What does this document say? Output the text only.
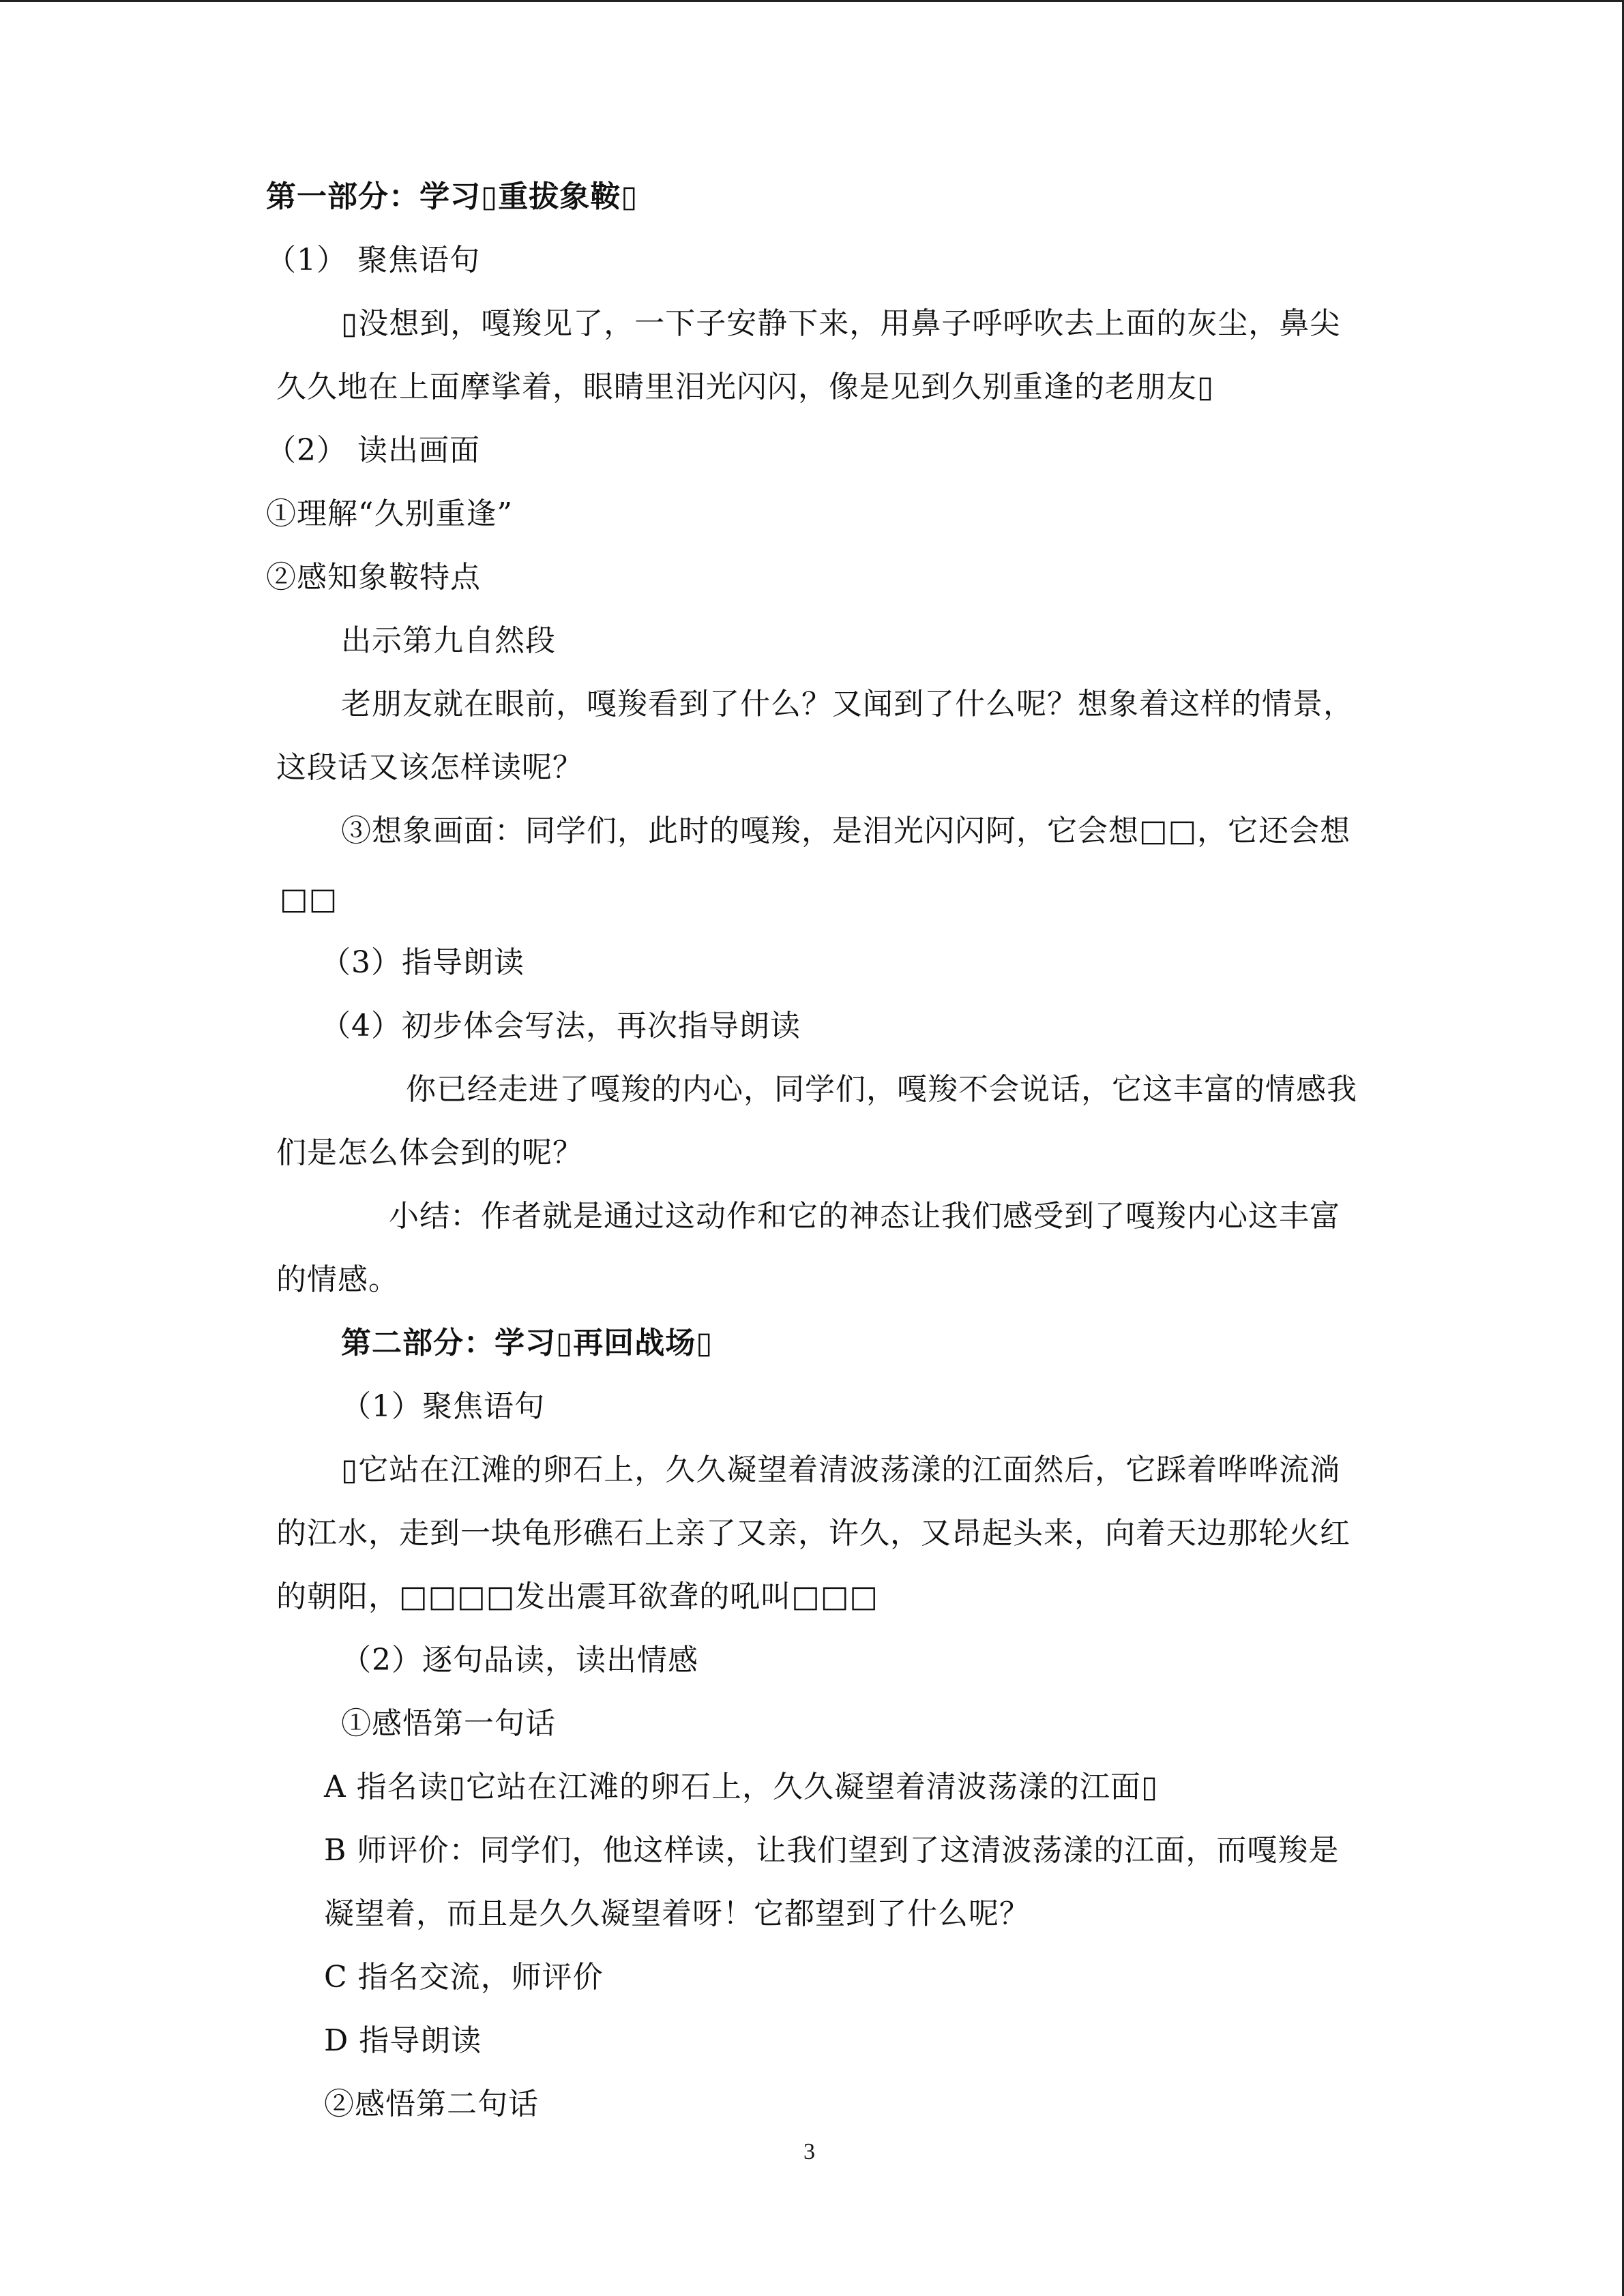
第一部分：学习▯重拔象鞍▯
（1） 聚焦语句
▯没想到，嘎羧见了，一下子安静下来，用鼻子呼呼吹去上面的灰尘，鼻尖
久久地在上面摩挲着，眼睛里泪光闪闪，像是见到久别重逢的老朋友▯
（2） 读出画面
①理解“久别重逢”
②感知象鞍特点
出示第九自然段
老朋友就在眼前，嘎羧看到了什么？又闻到了什么呢？想象着这样的情景，
这段话又该怎样读呢？
③想象画面：同学们，此时的嘎羧，是泪光闪闪阿，它会想□□，它还会想
□□
（3）指导朗读
（4）初步体会写法，再次指导朗读
你已经走进了嘎羧的内心，同学们，嘎羧不会说话，它这丰富的情感我
们是怎么体会到的呢？
小结：作者就是通过这动作和它的神态让我们感受到了嘎羧内心这丰富
的情感。
第二部分：学习▯再回战场▯
（1）聚焦语句
▯它站在江滩的卵石上，久久凝望着清波荡漾的江面然后，它踩着哗哗流淌
的江水，走到一块龟形礁石上亲了又亲，许久，又昂起头来，向着天边那轮火红
的朝阳，□□□□发出震耳欲聋的吼叫□□□
（2）逐句品读，读出情感
①感悟第一句话
A 指名读▯它站在江滩的卵石上，久久凝望着清波荡漾的江面▯
B 师评价：同学们，他这样读，让我们望到了这清波荡漾的江面，而嘎羧是
凝望着，而且是久久凝望着呀！它都望到了什么呢？
C 指名交流，师评价
D 指导朗读
②感悟第二句话
3
